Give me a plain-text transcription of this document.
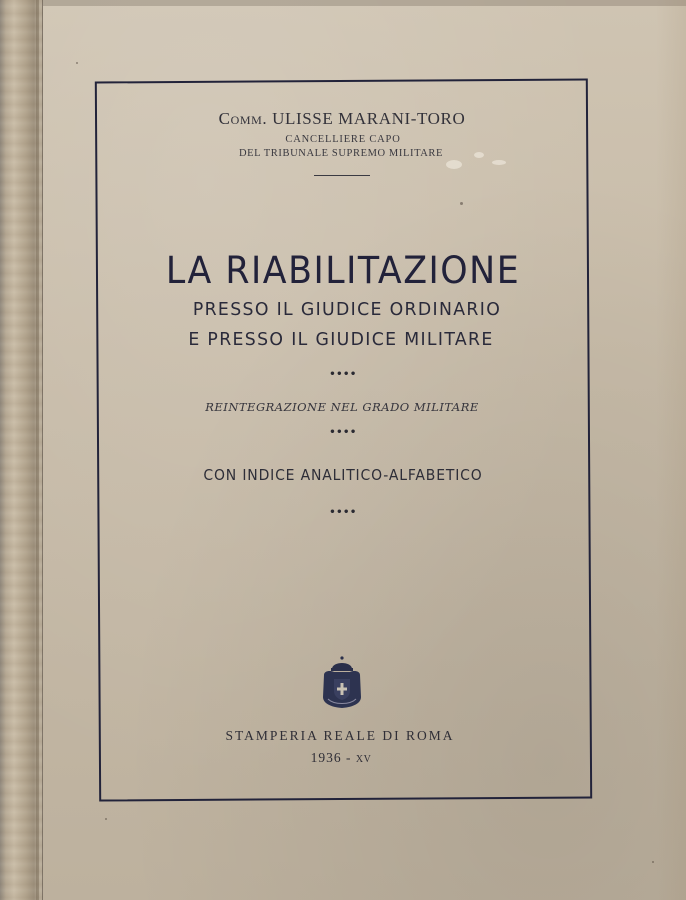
Comm. ULISSE MARANI-TORO
CANCELLIERE CAPO
DEL TRIBUNALE SUPREMO MILITARE
LA RIABILITAZIONE
PRESSO IL GIUDICE ORDINARIO
E PRESSO IL GIUDICE MILITARE
••••
REINTEGRAZIONE NEL GRADO MILITARE
••••
CON INDICE ANALITICO-ALFABETICO
••••
STAMPERIA REALE DI ROMA
1936 - XV
